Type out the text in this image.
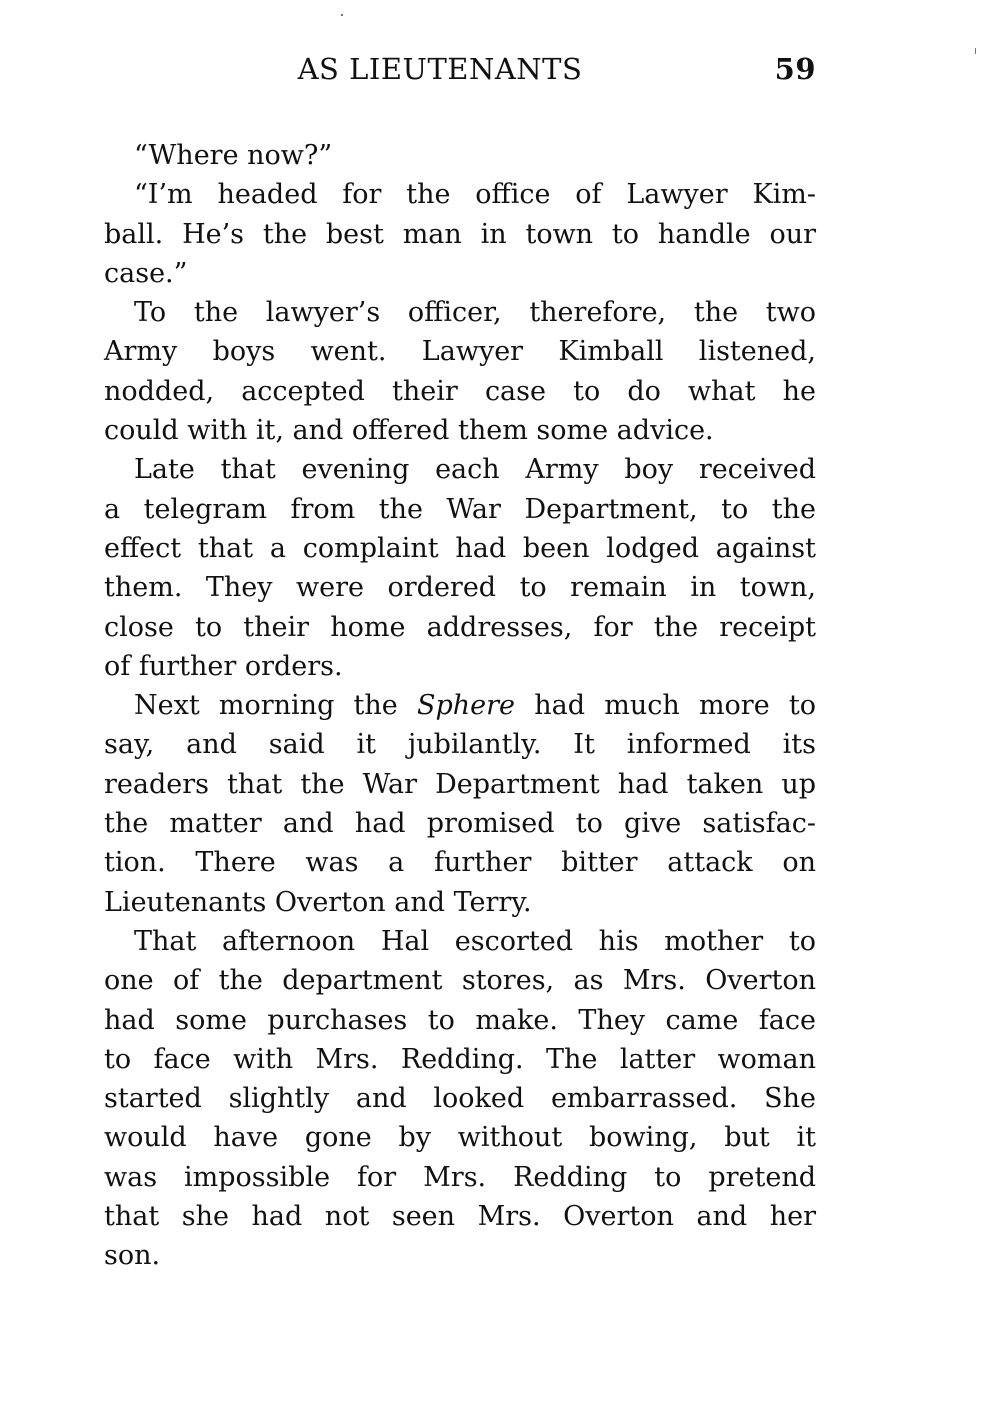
AS LIEUTENANTS	59
“Where now?”
“I’m headed for the office of Lawyer Kim-
ball. He’s the best man in town to handle our
case.”
To the lawyer’s officer, therefore, the two
Army boys went. Lawyer Kimball listened,
nodded, accepted their case to do what he
could with it, and offered them some advice.
Late that evening each Army boy received
a telegram from the War Department, to the
effect that a complaint had been lodged against
them. They were ordered to remain in town,
close to their home addresses, for the receipt
of further orders.
Next morning the Sphere had much more to
say, and said it jubilantly. It informed its
readers that the War Department had taken up
the matter and had promised to give satisfac-
tion. There was a further bitter attack on
Lieutenants Overton and Terry.
That afternoon Hal escorted his mother to
one of the department stores, as Mrs. Overton
had some purchases to make. They came face
to face with Mrs. Redding. The latter woman
started slightly and looked embarrassed. She
would have gone by without bowing, but it
was impossible for Mrs. Redding to pretend
that she had not seen Mrs. Overton and her
son.
